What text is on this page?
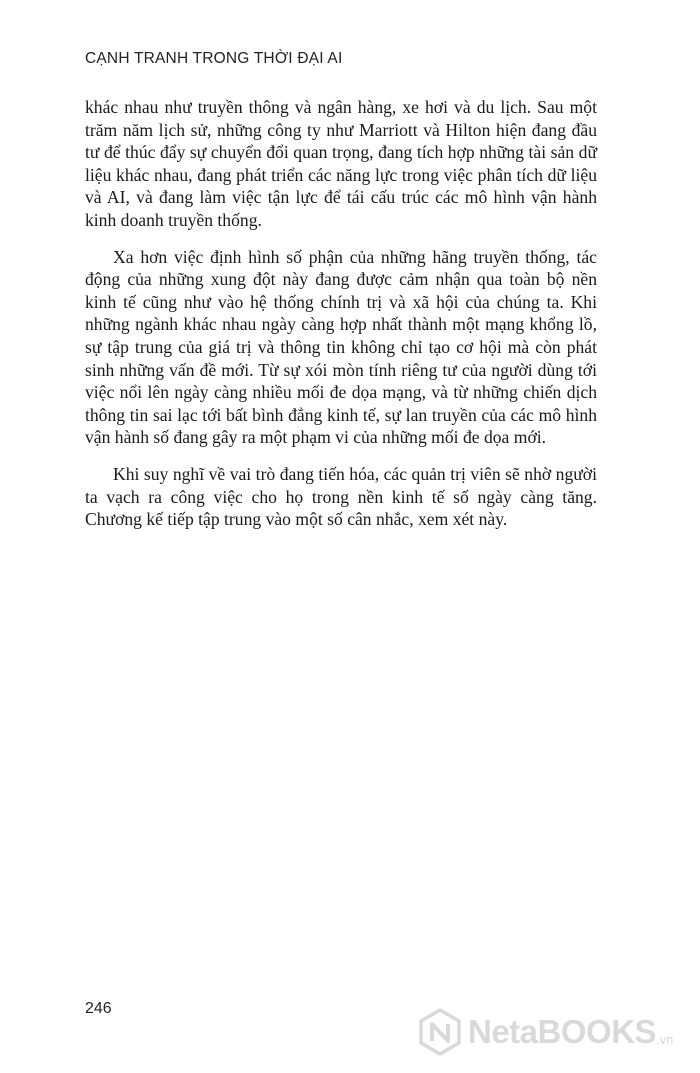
CẠNH TRANH TRONG THỜI ĐẠI AI

khác nhau như truyền thông và ngân hàng, xe hơi và du lịch. Sau một trăm năm lịch sử, những công ty như Marriott và Hilton hiện đang đầu tư để thúc đẩy sự chuyển đổi quan trọng, đang tích hợp những tài sản dữ liệu khác nhau, đang phát triển các năng lực trong việc phân tích dữ liệu và AI, và đang làm việc tận lực để tái cấu trúc các mô hình vận hành kinh doanh truyền thống.

Xa hơn việc định hình số phận của những hãng truyền thống, tác động của những xung đột này đang được cảm nhận qua toàn bộ nền kinh tế cũng như vào hệ thống chính trị và xã hội của chúng ta. Khi những ngành khác nhau ngày càng hợp nhất thành một mạng khổng lồ, sự tập trung của giá trị và thông tin không chỉ tạo cơ hội mà còn phát sinh những vấn đề mới. Từ sự xói mòn tính riêng tư của người dùng tới việc nổi lên ngày càng nhiều mối đe dọa mạng, và từ những chiến dịch thông tin sai lạc tới bất bình đẳng kinh tế, sự lan truyền của các mô hình vận hành số đang gây ra một phạm vi của những mối đe dọa mới.

Khi suy nghĩ về vai trò đang tiến hóa, các quản trị viên sẽ nhờ người ta vạch ra công việc cho họ trong nền kinh tế số ngày càng tăng. Chương kế tiếp tập trung vào một số cân nhắc, xem xét này.

246
NetaBOOKS .vn
